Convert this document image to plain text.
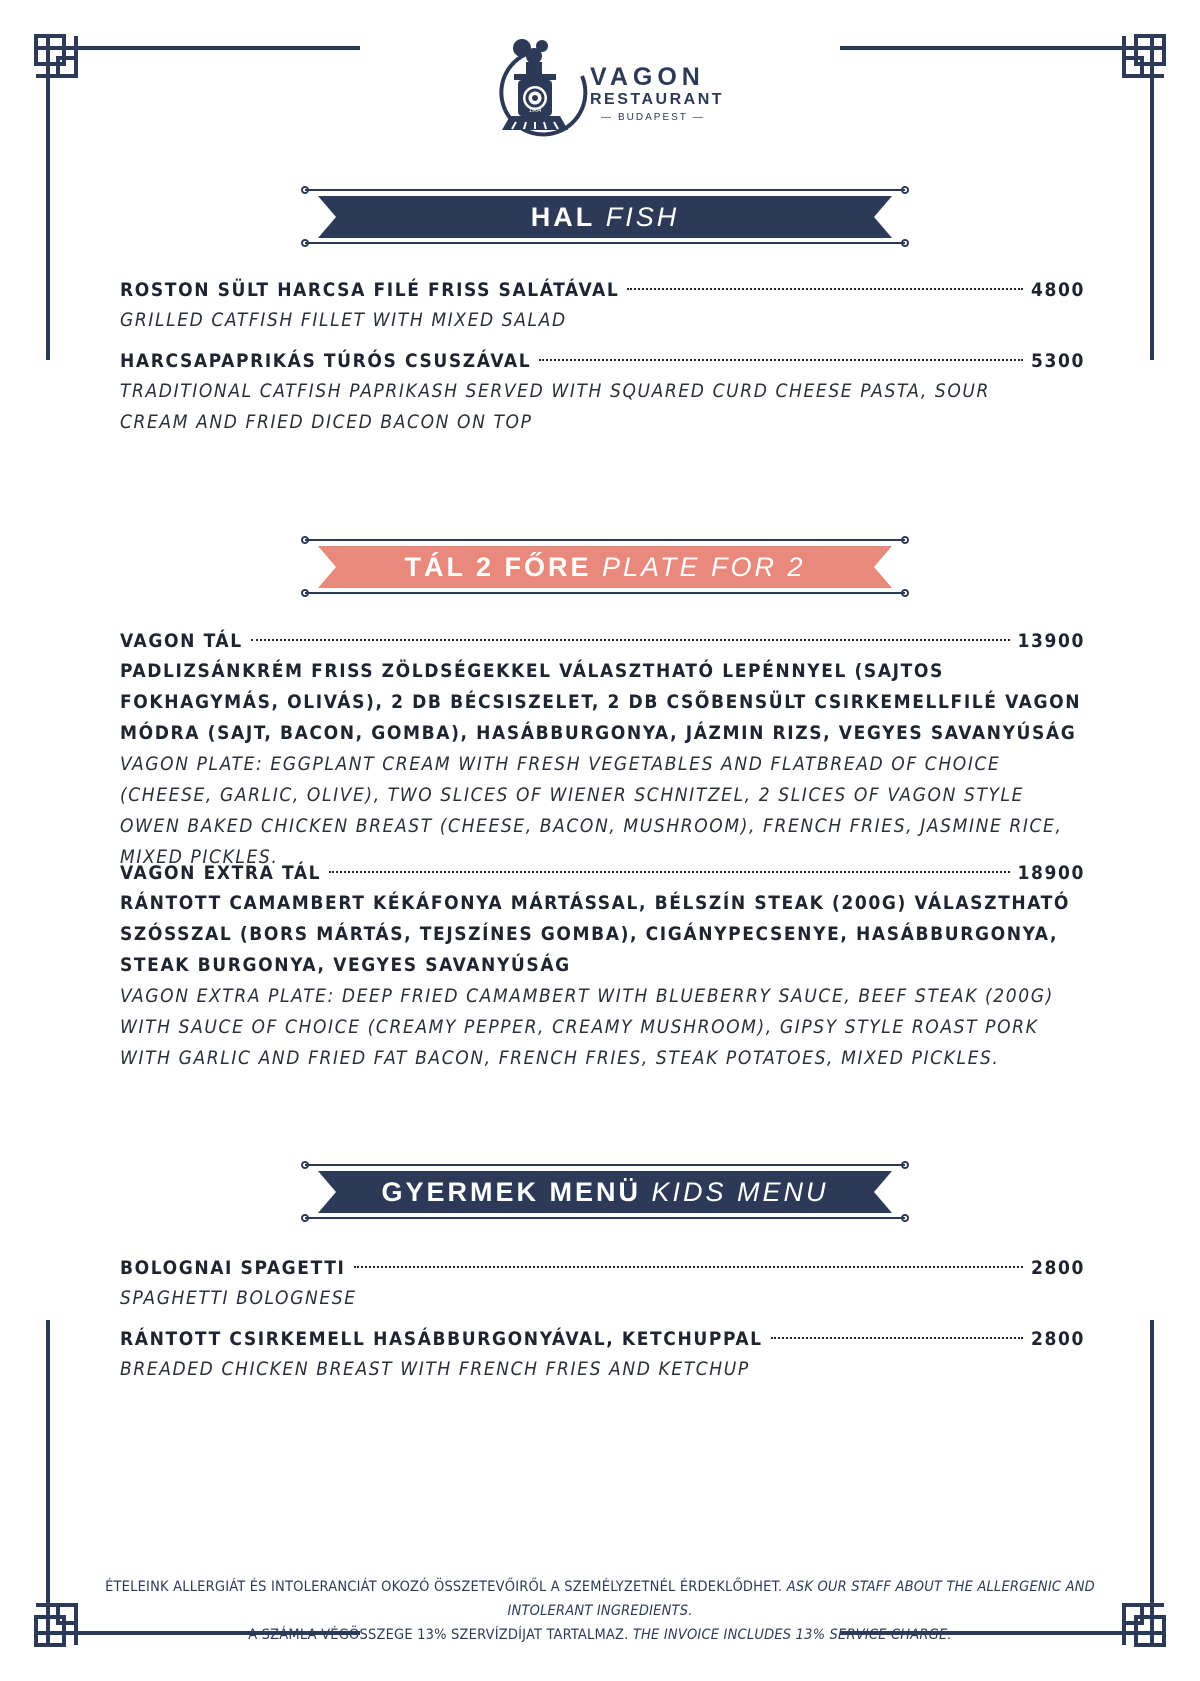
1904
VAGON
RESTAURANT
— BUDAPEST —
HAL FISH
ROSTON SÜLT HARCSA FILÉ FRISS SALÁTÁVAL	4800
GRILLED CATFISH FILLET WITH MIXED SALAD
HARCSAPAPRIKÁS TÚRÓS CSUSZÁVAL	5300
TRADITIONAL CATFISH PAPRIKASH SERVED WITH SQUARED CURD CHEESE PASTA, SOUR CREAM AND FRIED DICED BACON ON TOP
TÁL 2 FŐRE PLATE FOR 2
VAGON TÁL	13900
PADLIZSÁNKRÉM FRISS ZÖLDSÉGEKKEL VÁLASZTHATÓ LEPÉNNYEL (SAJTOS FOKHAGYMÁS, OLIVÁS), 2 DB BÉCSISZELET, 2 DB CSŐBENSÜLT CSIRKEMELLFILÉ VAGON MÓDRA (SAJT, BACON, GOMBA), HASÁBBURGONYA, JÁZMIN RIZS, VEGYES SAVANYÚSÁG
VAGON PLATE: EGGPLANT CREAM WITH FRESH VEGETABLES AND FLATBREAD OF CHOICE (CHEESE, GARLIC, OLIVE), TWO SLICES OF WIENER SCHNITZEL, 2 SLICES OF VAGON STYLE OWEN BAKED CHICKEN BREAST (CHEESE, BACON, MUSHROOM), FRENCH FRIES, JASMINE RICE, MIXED PICKLES.
VAGON EXTRA TÁL	18900
RÁNTOTT CAMAMBERT KÉKÁFONYA MÁRTÁSSAL, BÉLSZÍN STEAK (200G) VÁLASZTHATÓ SZÓSSZAL (BORS MÁRTÁS, TEJSZÍNES GOMBA), CIGÁNYPECSENYE, HASÁBBURGONYA, STEAK BURGONYA, VEGYES SAVANYÚSÁG
VAGON EXTRA PLATE: DEEP FRIED CAMAMBERT WITH BLUEBERRY SAUCE, BEEF STEAK (200G) WITH SAUCE OF CHOICE (CREAMY PEPPER, CREAMY MUSHROOM), GIPSY STYLE ROAST PORK WITH GARLIC AND FRIED FAT BACON, FRENCH FRIES, STEAK POTATOES, MIXED PICKLES.
GYERMEK MENÜ KIDS MENU
BOLOGNAI SPAGETTI	2800
SPAGHETTI BOLOGNESE
RÁNTOTT CSIRKEMELL HASÁBBURGONYÁVAL, KETCHUPPAL	2800
BREADED CHICKEN BREAST WITH FRENCH FRIES AND KETCHUP
ÉTELEINK ALLERGIÁT ÉS INTOLERANCIÁT OKOZÓ ÖSSZETEVŐIRŐL A SZEMÉLYZETNÉL ÉRDEKLŐDHET. ASK OUR STAFF ABOUT THE ALLERGENIC AND INTOLERANT INGREDIENTS.
A SZÁMLA VÉGÖSSZEGE 13% SZERVÍZDÍJAT TARTALMAZ. THE INVOICE INCLUDES 13% SERVICE CHARGE.
